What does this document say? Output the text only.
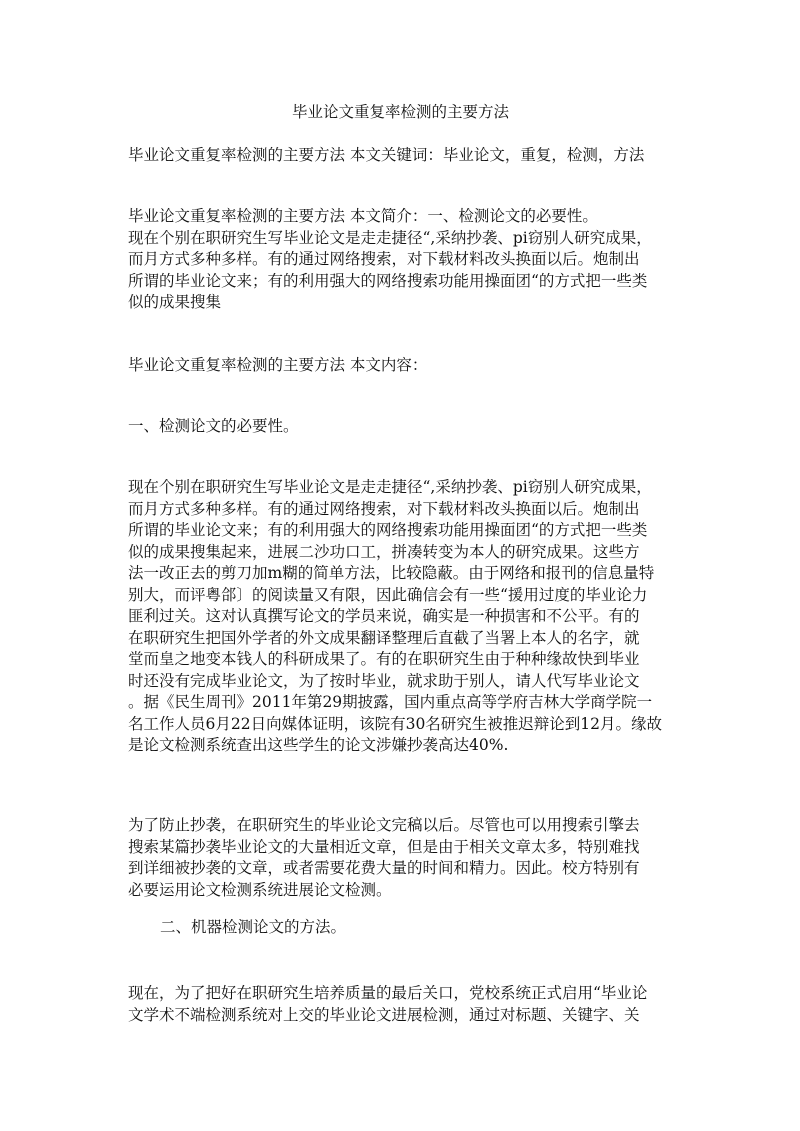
毕业论文重复率检测的主要方法

毕业论文重复率检测的主要方法 本文关键词：毕业论文，重复，检测，方法

毕业论文重复率检测的主要方法 本文简介：一、检测论文的必要性。
现在个别在职研究生写毕业论文是走走捷径“,采纳抄袭、pi窃别人研究成果，
而月方式多种多样。有的通过网络搜索，对下载材料改头换面以后。炮制出
所谓的毕业论文来；有的利用强大的网络搜索功能用操面团“的方式把一些类
似的成果搜集

毕业论文重复率检测的主要方法 本文内容：

一、检测论文的必要性。

现在个别在职研究生写毕业论文是走走捷径“,采纳抄袭、pi窃别人研究成果，
而月方式多种多样。有的通过网络搜索，对下载材料改头换面以后。炮制出
所谓的毕业论文来；有的利用强大的网络搜索功能用操面团“的方式把一些类
似的成果搜集起来，进展二沙功口工，拼凑转变为本人的研究成果。这些方
法一改正去的剪刀加m糊的简单方法，比较隐蔽。由于网络和报刊的信息量特
别大，而评粤郃〕的阅读量又有限，因此确信会有一些“援用过度的毕业论力
匪利过关。这对认真撰写论文的学员来说，确实是一种损害和不公平。有的
在职研究生把国外学者的外文成果翻译整理后直截了当署上本人的名字，就
堂而皇之地变本钱人的科研成果了。有的在职研究生由于种种缘故快到毕业
时还没有完成毕业论文，为了按时毕业，就求助于别人，请人代写毕业论文
。据《民生周刊》2011年第29期披露，国内重点高等学府吉林大学商学院一
名工作人员6月22日向媒体证明，该院有30名研究生被推迟辩论到12月。缘故
是论文检测系统查出这些学生的论文涉嫌抄袭高达40%.

为了防止抄袭，在职研究生的毕业论文完稿以后。尽管也可以用搜索引擎去
搜索某篇抄袭毕业论文的大量相近文章，但是由于相关文章太多，特别难找
到详细被抄袭的文章，或者需要花费大量的时间和精力。因此。校方特别有
必要运用论文检测系统进展论文检测。

二、机器检测论文的方法。

现在，为了把好在职研究生培养质量的最后关口，党校系统正式启用“毕业论
文学术不端检测系统对上交的毕业论文进展检测，通过对标题、关键字、关
